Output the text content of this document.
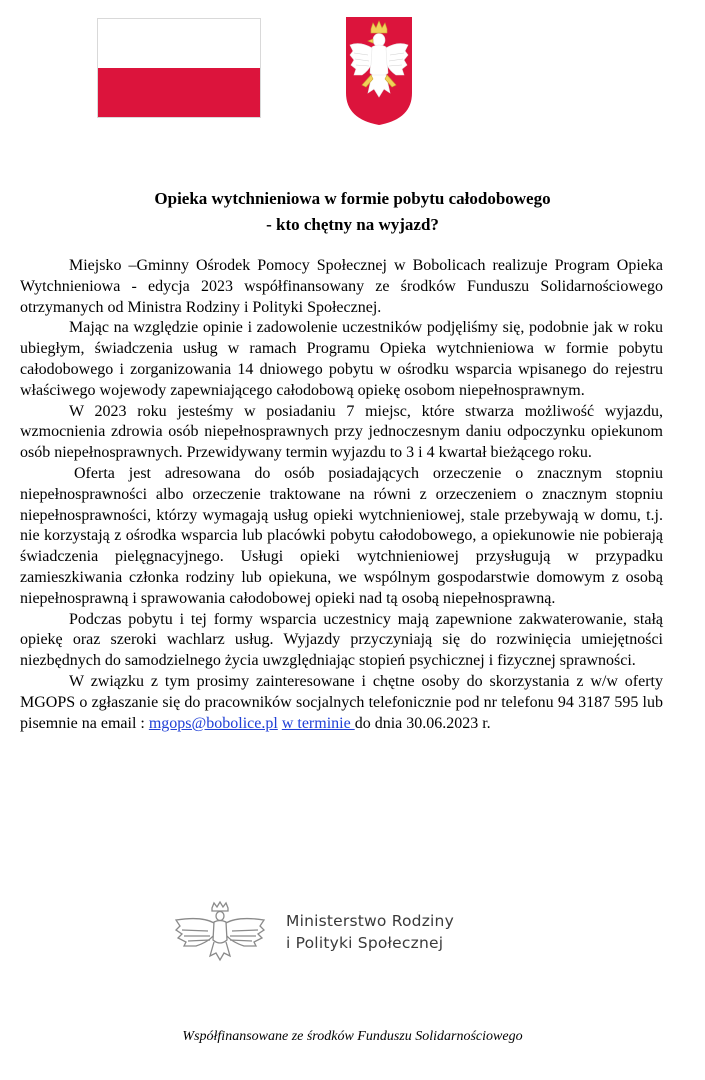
Opieka wytchnieniowa w formie pobytu całodobowego
- kto chętny na wyjazd?

Miejsko –Gminny Ośrodek Pomocy Społecznej w Bobolicach realizuje Program Opieka Wytchnieniowa - edycja 2023 współfinansowany ze środków Funduszu Solidarnościowego otrzymanych od Ministra Rodziny i Polityki Społecznej.

Mając na względzie opinie i zadowolenie uczestników podjęliśmy się, podobnie jak w roku ubiegłym, świadczenia usług w ramach Programu Opieka wytchnieniowa w formie pobytu całodobowego i zorganizowania 14 dniowego pobytu w ośrodku wsparcia wpisanego do rejestru właściwego wojewody zapewniającego całodobową opiekę osobom niepełnosprawnym.

W 2023 roku jesteśmy w posiadaniu 7 miejsc, które stwarza możliwość wyjazdu, wzmocnienia zdrowia osób niepełnosprawnych przy jednoczesnym daniu odpoczynku opiekunom osób niepełnosprawnych. Przewidywany termin wyjazdu to 3 i 4 kwartał bieżącego roku.

Oferta jest adresowana do osób posiadających orzeczenie o znacznym stopniu niepełnosprawności albo orzeczenie traktowane na równi z orzeczeniem o znacznym stopniu niepełnosprawności, którzy wymagają usług opieki wytchnieniowej, stale przebywają w domu, t.j. nie korzystają z ośrodka wsparcia lub placówki pobytu całodobowego, a opiekunowie nie pobierają świadczenia pielęgnacyjnego. Usługi opieki wytchnieniowej przysługują w przypadku zamieszkiwania członka rodziny lub opiekuna, we wspólnym gospodarstwie domowym z osobą niepełnosprawną i sprawowania całodobowej opieki nad tą osobą niepełnosprawną.

Podczas pobytu i tej formy wsparcia uczestnicy mają zapewnione zakwaterowanie, stałą opiekę oraz szeroki wachlarz usług. Wyjazdy przyczyniają się do rozwinięcia umiejętności niezbędnych do samodzielnego życia uwzględniając stopień psychicznej i fizycznej sprawności.

W związku z tym prosimy zainteresowane i chętne osoby do skorzystania z w/w oferty MGOPS o zgłaszanie się do pracowników socjalnych telefonicznie pod nr telefonu 94 3187 595 lub pisemnie na email : mgops@bobolice.pl w terminie do dnia 30.06.2023 r.

Ministerstwo Rodziny
i Polityki Społecznej
Współfinansowane ze środków Funduszu Solidarnościowego
